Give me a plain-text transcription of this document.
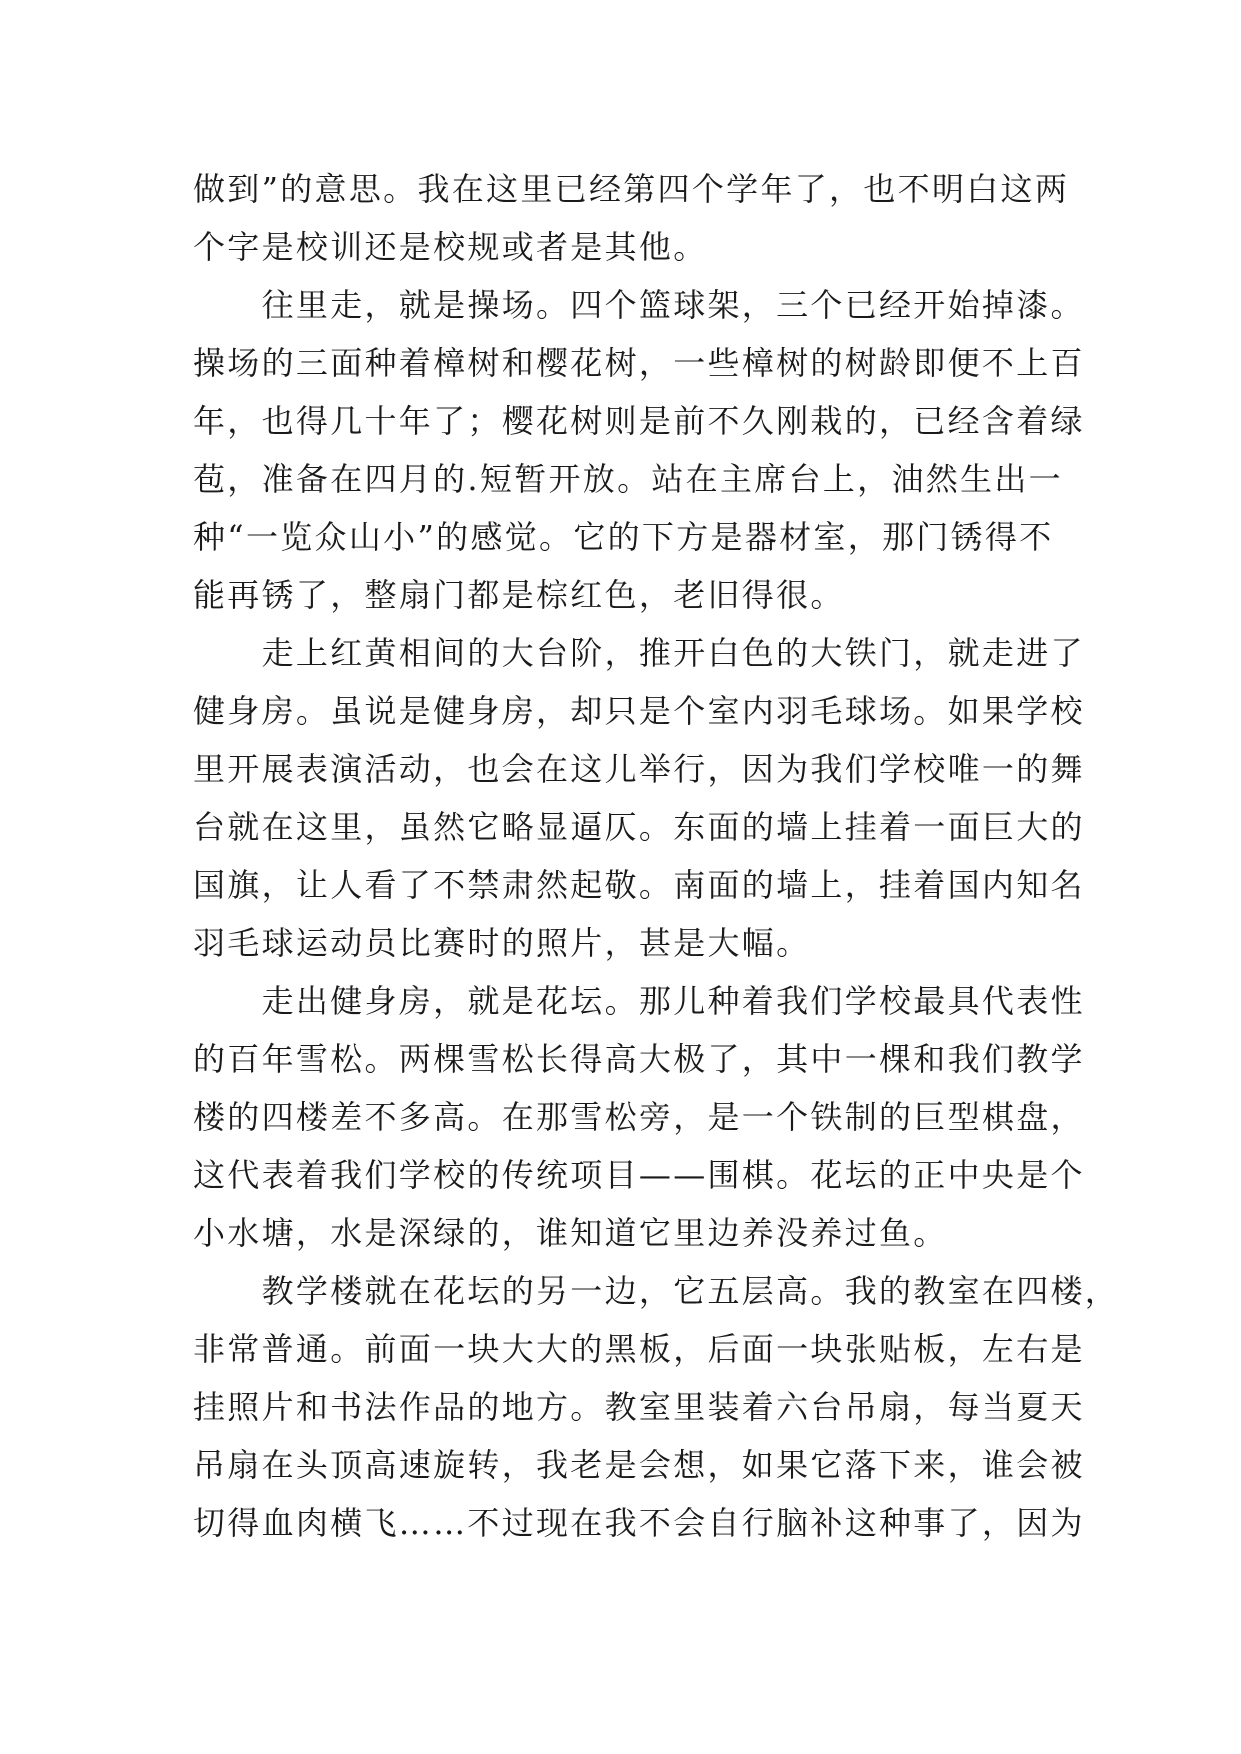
做到”的意思。我在这里已经第四个学年了，也不明白这两

个字是校训还是校规或者是其他。

　　往里走，就是操场。四个篮球架，三个已经开始掉漆。

操场的三面种着樟树和樱花树，一些樟树的树龄即便不上百

年，也得几十年了；樱花树则是前不久刚栽的，已经含着绿

苞，准备在四月的.短暂开放。站在主席台上，油然生出一

种“一览众山小”的感觉。它的下方是器材室，那门锈得不

能再锈了，整扇门都是棕红色，老旧得很。

　　走上红黄相间的大台阶，推开白色的大铁门，就走进了

健身房。虽说是健身房，却只是个室内羽毛球场。如果学校

里开展表演活动，也会在这儿举行，因为我们学校唯一的舞

台就在这里，虽然它略显逼仄。东面的墙上挂着一面巨大的

国旗，让人看了不禁肃然起敬。南面的墙上，挂着国内知名

羽毛球运动员比赛时的照片，甚是大幅。

　　走出健身房，就是花坛。那儿种着我们学校最具代表性

的百年雪松。两棵雪松长得高大极了，其中一棵和我们教学

楼的四楼差不多高。在那雪松旁，是一个铁制的巨型棋盘，

这代表着我们学校的传统项目——围棋。花坛的正中央是个

小水塘，水是深绿的，谁知道它里边养没养过鱼。

　　教学楼就在花坛的另一边，它五层高。我的教室在四楼，

非常普通。前面一块大大的黑板，后面一块张贴板，左右是

挂照片和书法作品的地方。教室里装着六台吊扇，每当夏天

吊扇在头顶高速旋转，我老是会想，如果它落下来，谁会被

切得血肉横飞……不过现在我不会自行脑补这种事了，因为
